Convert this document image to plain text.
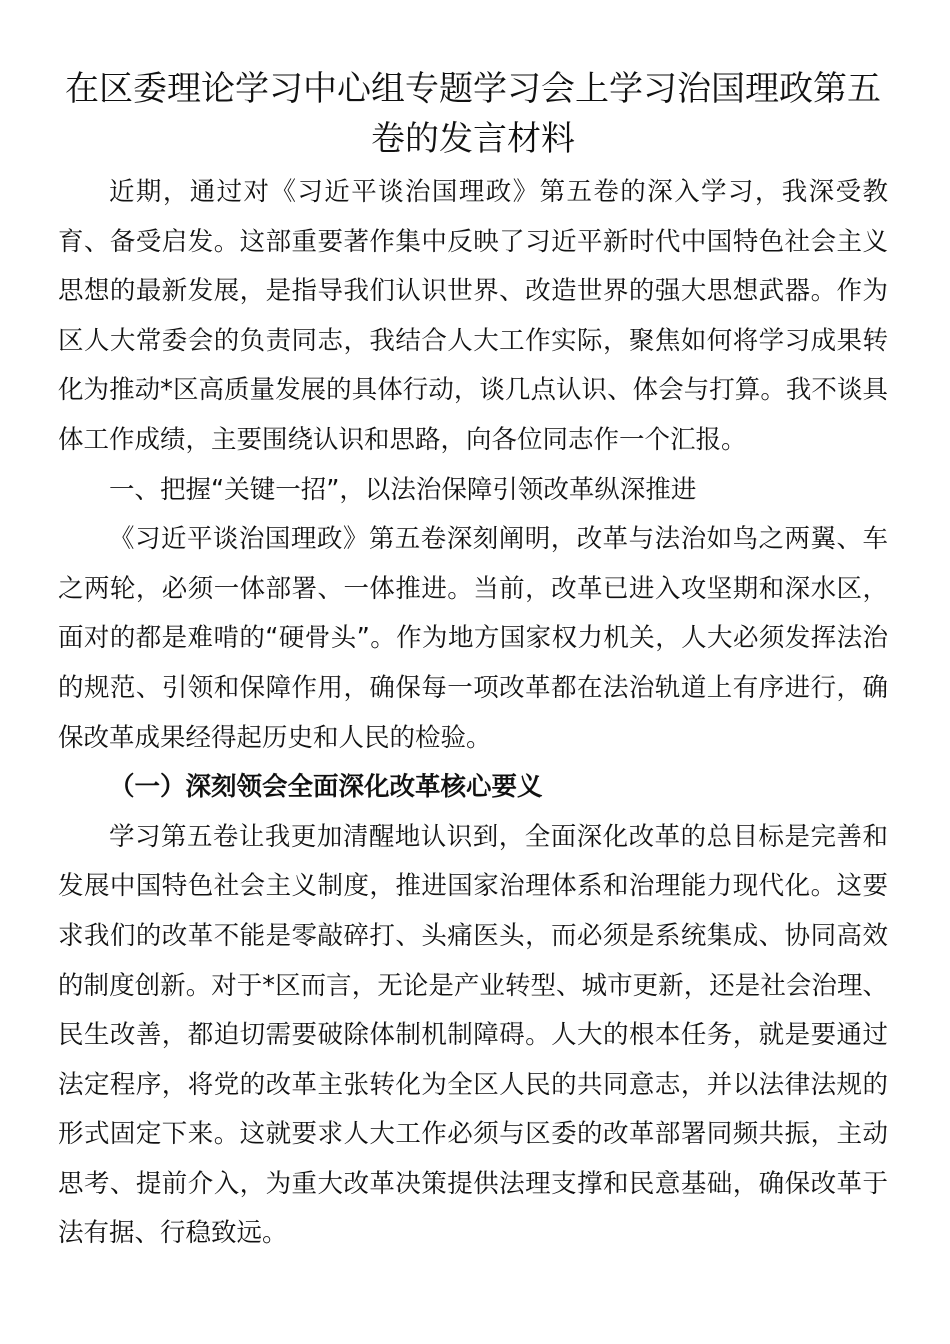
在区委理论学习中心组专题学习会上学习治国理政第五卷的发言材料

近期，通过对《习近平谈治国理政》第五卷的深入学习，我深受教育、备受启发。这部重要著作集中反映了习近平新时代中国特色社会主义思想的最新发展，是指导我们认识世界、改造世界的强大思想武器。作为区人大常委会的负责同志，我结合人大工作实际，聚焦如何将学习成果转化为推动*区高质量发展的具体行动，谈几点认识、体会与打算。我不谈具体工作成绩，主要围绕认识和思路，向各位同志作一个汇报。

一、把握“关键一招”，以法治保障引领改革纵深推进

《习近平谈治国理政》第五卷深刻阐明，改革与法治如鸟之两翼、车之两轮，必须一体部署、一体推进。当前，改革已进入攻坚期和深水区，面对的都是难啃的“硬骨头”。作为地方国家权力机关，人大必须发挥法治的规范、引领和保障作用，确保每一项改革都在法治轨道上有序进行，确保改革成果经得起历史和人民的检验。

（一）深刻领会全面深化改革核心要义

学习第五卷让我更加清醒地认识到，全面深化改革的总目标是完善和发展中国特色社会主义制度，推进国家治理体系和治理能力现代化。这要求我们的改革不能是零敲碎打、头痛医头，而必须是系统集成、协同高效的制度创新。对于*区而言，无论是产业转型、城市更新，还是社会治理、民生改善，都迫切需要破除体制机制障碍。人大的根本任务，就是要通过法定程序，将党的改革主张转化为全区人民的共同意志，并以法律法规的形式固定下来。这就要求人大工作必须与区委的改革部署同频共振，主动思考、提前介入，为重大改革决策提供法理支撑和民意基础，确保改革于法有据、行稳致远。
